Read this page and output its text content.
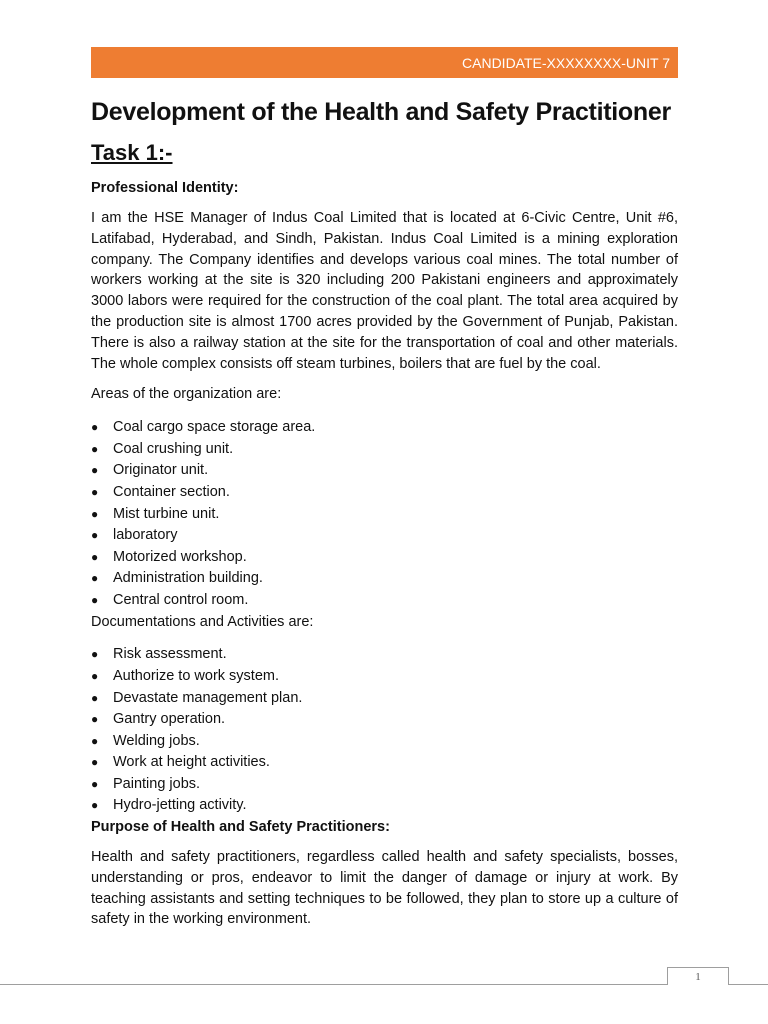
CANDIDATE-XXXXXXXX-UNIT 7
Development of the Health and Safety Practitioner
Task 1:-
Professional Identity:

I am the HSE Manager of Indus Coal Limited that is located at 6-Civic Centre, Unit #6, Latifabad, Hyderabad, and Sindh, Pakistan. Indus Coal Limited is a mining exploration company. The Company identifies and develops various coal mines. The total number of workers working at the site is 320 including 200 Pakistani engineers and approximately 3000 labors were required for the construction of the coal plant. The total area acquired by the production site is almost 1700 acres provided by the Government of Punjab, Pakistan. There is also a railway station at the site for the transportation of coal and other materials. The whole complex consists off steam turbines, boilers that are fuel by the coal.

Areas of the organization are:

● Coal cargo space storage area.
● Coal crushing unit.
● Originator unit.
● Container section.
● Mist turbine unit.
● laboratory
● Motorized workshop.
● Administration building.
● Central control room.

Documentations and Activities are:

● Risk assessment.
● Authorize to work system.
● Devastate management plan.
● Gantry operation.
● Welding jobs.
● Work at height activities.
● Painting jobs.
● Hydro-jetting activity.
Purpose of Health and Safety Practitioners:

Health and safety practitioners, regardless called health and safety specialists, bosses, understanding or pros, endeavor to limit the danger of damage or injury at work. By teaching assistants and setting techniques to be followed, they plan to store up a culture of safety in the working environment.

1
